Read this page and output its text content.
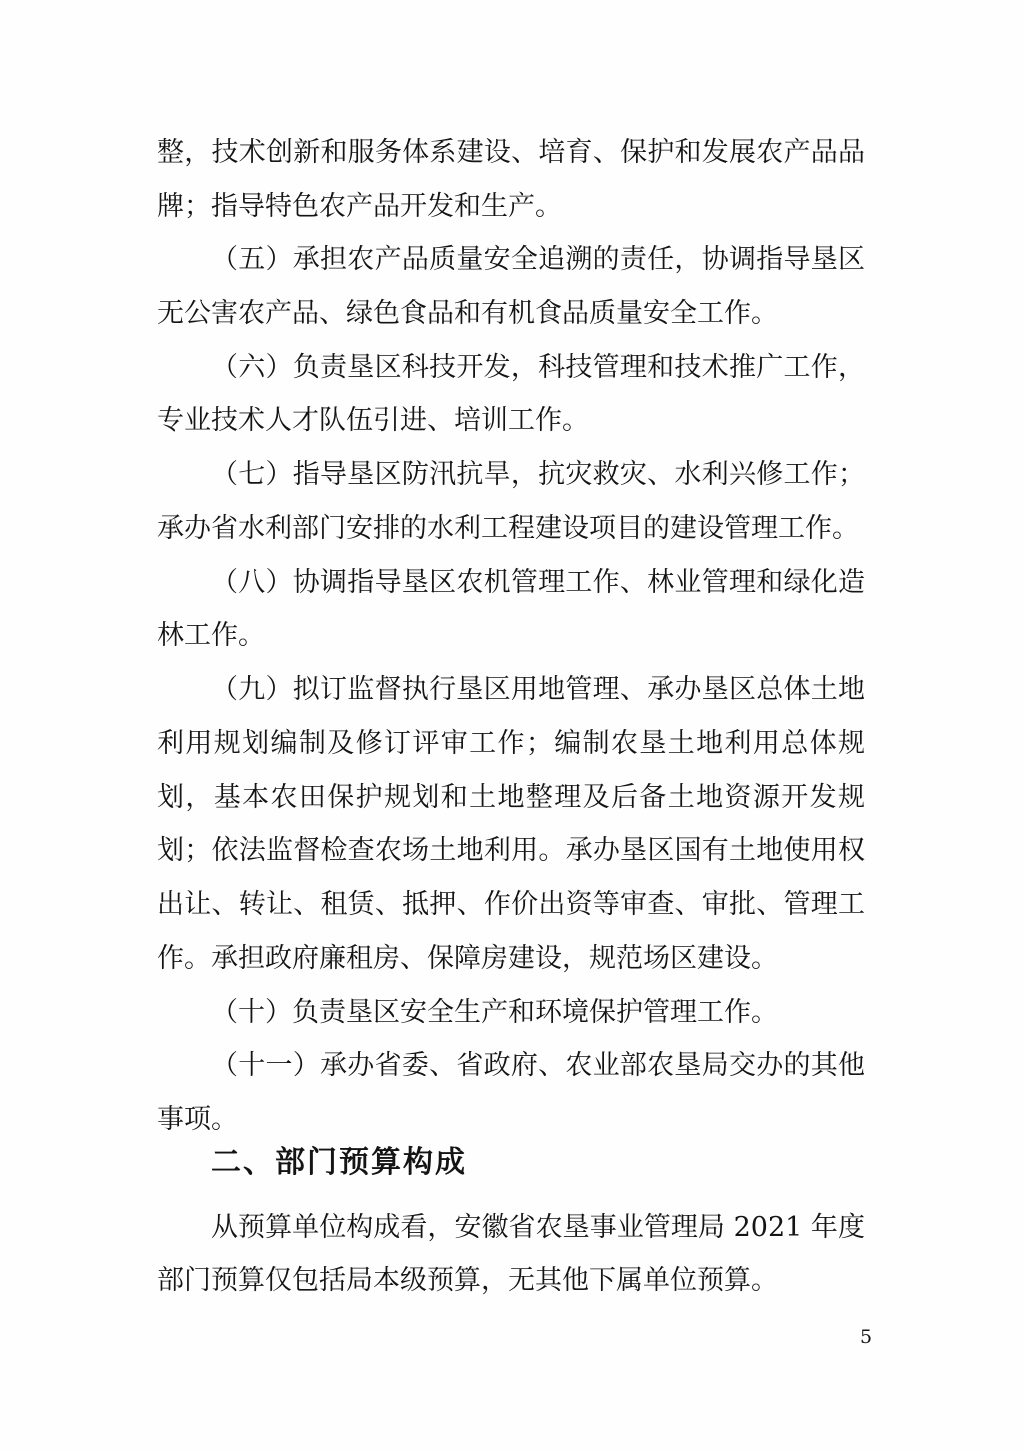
整，技术创新和服务体系建设、培育、保护和发展农产品品
牌；指导特色农产品开发和生产。
（五）承担农产品质量安全追溯的责任，协调指导垦区
无公害农产品、绿色食品和有机食品质量安全工作。
（六）负责垦区科技开发，科技管理和技术推广工作，
专业技术人才队伍引进、培训工作。
（七）指导垦区防汛抗旱，抗灾救灾、水利兴修工作；
承办省水利部门安排的水利工程建设项目的建设管理工作。
（八）协调指导垦区农机管理工作、林业管理和绿化造
林工作。
（九）拟订监督执行垦区用地管理、承办垦区总体土地
利用规划编制及修订评审工作；编制农垦土地利用总体规
划，基本农田保护规划和土地整理及后备土地资源开发规
划；依法监督检查农场土地利用。承办垦区国有土地使用权
出让、转让、租赁、抵押、作价出资等审查、审批、管理工
作。承担政府廉租房、保障房建设，规范场区建设。
（十）负责垦区安全生产和环境保护管理工作。
（十一）承办省委、省政府、农业部农垦局交办的其他
事项。
二、部门预算构成
从预算单位构成看，安徽省农垦事业管理局 2021 年度
部门预算仅包括局本级预算，无其他下属单位预算。
5
